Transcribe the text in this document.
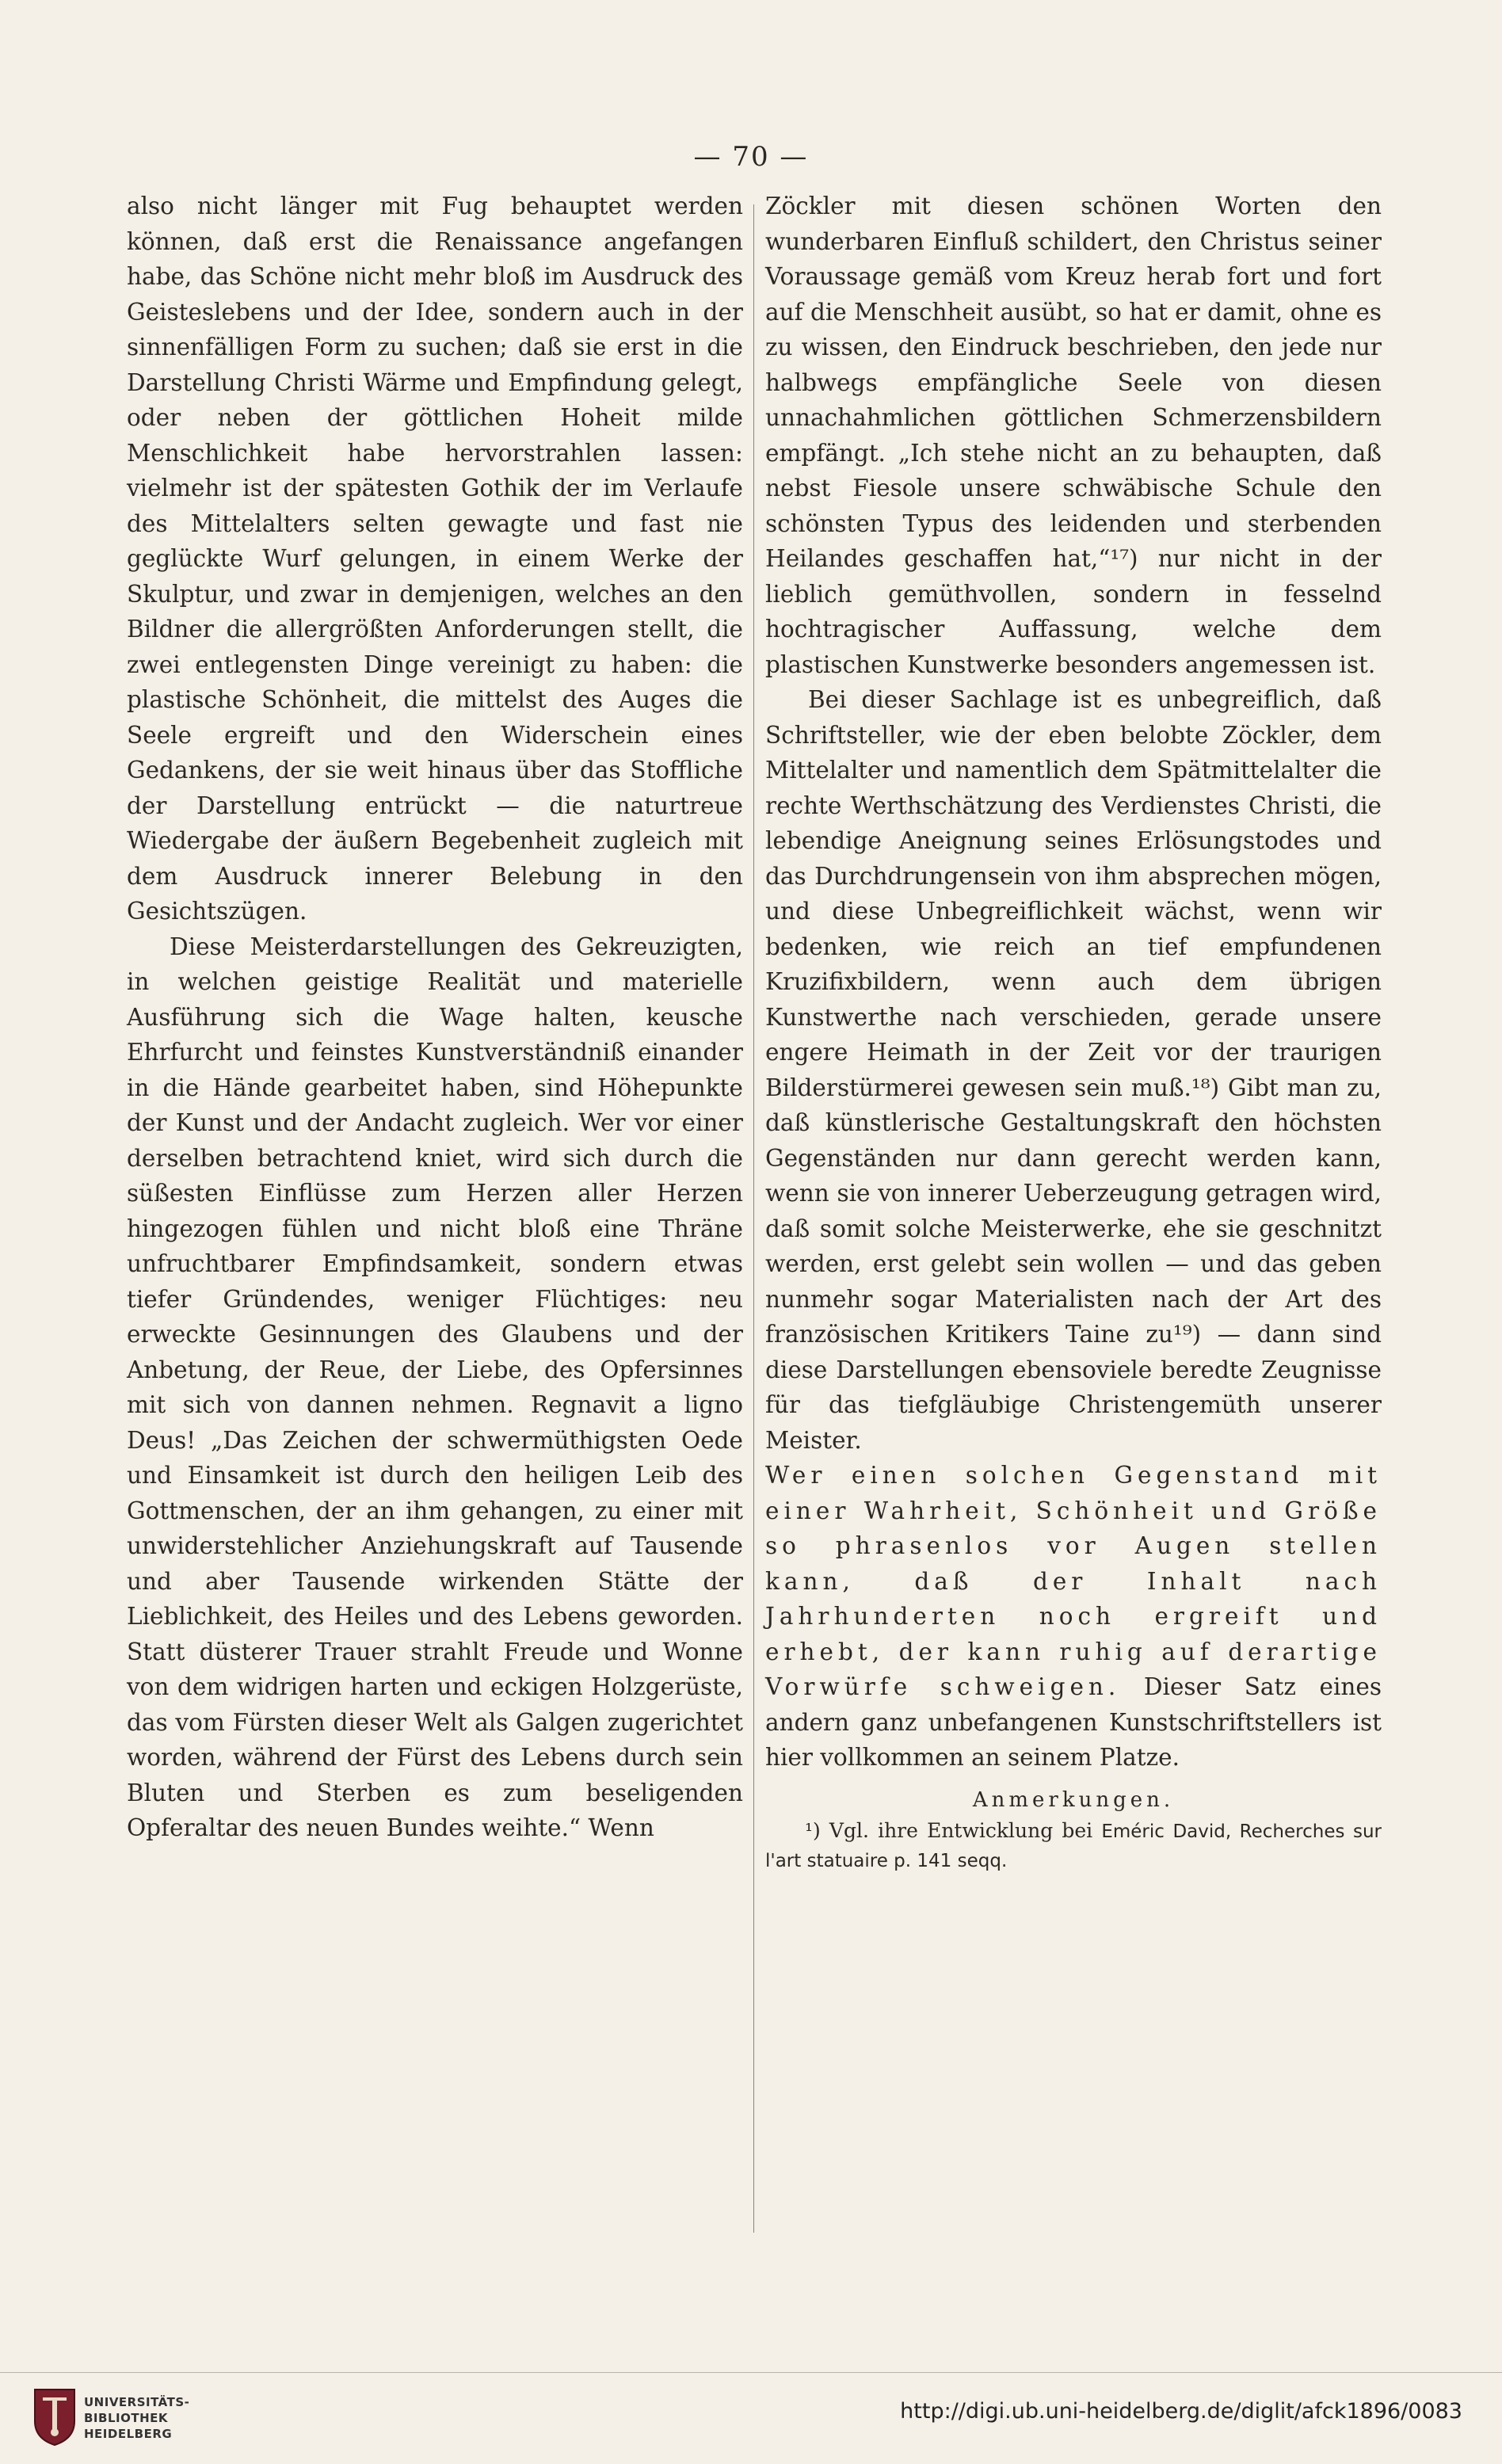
— 70 —

also nicht länger mit Fug behauptet werden können, daß erst die Renaissance angefangen habe, das Schöne nicht mehr bloß im Ausdruck des Geisteslebens und der Idee, sondern auch in der sinnenfälligen Form zu suchen; daß sie erst in die Darstellung Christi Wärme und Empfindung gelegt, oder neben der göttlichen Hoheit milde Menschlichkeit habe hervorstrahlen lassen: vielmehr ist der spätesten Gothik der im Verlaufe des Mittelalters selten gewagte und fast nie geglückte Wurf gelungen, in einem Werke der Skulptur, und zwar in demjenigen, welches an den Bildner die allergrößten Anforderungen stellt, die zwei entlegensten Dinge vereinigt zu haben: die plastische Schönheit, die mittelst des Auges die Seele ergreift und den Widerschein eines Gedankens, der sie weit hinaus über das Stoffliche der Darstellung entrückt — die naturtreue Wiedergabe der äußern Begebenheit zugleich mit dem Ausdruck innerer Belebung in den Gesichtszügen.

Diese Meisterdarstellungen des Gekreuzigten, in welchen geistige Realität und materielle Ausführung sich die Wage halten, keusche Ehrfurcht und feinstes Kunstverständniß einander in die Hände gearbeitet haben, sind Höhepunkte der Kunst und der Andacht zugleich. Wer vor einer derselben betrachtend kniet, wird sich durch die süßesten Einflüsse zum Herzen aller Herzen hingezogen fühlen und nicht bloß eine Thräne unfruchtbarer Empfindsamkeit, sondern etwas tiefer Gründendes, weniger Flüchtiges: neu erweckte Gesinnungen des Glaubens und der Anbetung, der Reue, der Liebe, des Opfersinnes mit sich von dannen nehmen. Regnavit a ligno Deus! „Das Zeichen der schwermüthigsten Oede und Einsamkeit ist durch den heiligen Leib des Gottmenschen, der an ihm gehangen, zu einer mit unwiderstehlicher Anziehungskraft auf Tausende und aber Tausende wirkenden Stätte der Lieblichkeit, des Heiles und des Lebens geworden. Statt düsterer Trauer strahlt Freude und Wonne von dem widrigen harten und eckigen Holzgerüste, das vom Fürsten dieser Welt als Galgen zugerichtet worden, während der Fürst des Lebens durch sein Bluten und Sterben es zum beseligenden Opferaltar des neuen Bundes weihte.“ Wenn

Zöckler mit diesen schönen Worten den wunderbaren Einfluß schildert, den Christus seiner Voraussage gemäß vom Kreuz herab fort und fort auf die Menschheit ausübt, so hat er damit, ohne es zu wissen, den Eindruck beschrieben, den jede nur halbwegs empfängliche Seele von diesen unnachahmlichen göttlichen Schmerzensbildern empfängt. „Ich stehe nicht an zu behaupten, daß nebst Fiesole unsere schwäbische Schule den schönsten Typus des leidenden und sterbenden Heilandes geschaffen hat,“¹⁷) nur nicht in der lieblich gemüthvollen, sondern in fesselnd hochtragischer Auffassung, welche dem plastischen Kunstwerke besonders angemessen ist.

Bei dieser Sachlage ist es unbegreiflich, daß Schriftsteller, wie der eben belobte Zöckler, dem Mittelalter und namentlich dem Spätmittelalter die rechte Werthschätzung des Verdienstes Christi, die lebendige Aneignung seines Erlösungstodes und das Durchdrungensein von ihm absprechen mögen, und diese Unbegreiflichkeit wächst, wenn wir bedenken, wie reich an tief empfundenen Kruzifixbildern, wenn auch dem übrigen Kunstwerthe nach verschieden, gerade unsere engere Heimath in der Zeit vor der traurigen Bilderstürmerei gewesen sein muß.¹⁸) Gibt man zu, daß künstlerische Gestaltungskraft den höchsten Gegenständen nur dann gerecht werden kann, wenn sie von innerer Ueberzeugung getragen wird, daß somit solche Meisterwerke, ehe sie geschnitzt werden, erst gelebt sein wollen — und das geben nunmehr sogar Materialisten nach der Art des französischen Kritikers Taine zu¹⁹) — dann sind diese Darstellungen ebensoviele beredte Zeugnisse für das tiefgläubige Christengemüth unserer Meister.

Wer einen solchen Gegenstand mit einer Wahrheit, Schönheit und Größe so phrasenlos vor Augen stellen kann, daß der Inhalt nach Jahrhunderten noch ergreift und erhebt, der kann ruhig auf derartige Vorwürfe schweigen. Dieser Satz eines andern ganz unbefangenen Kunstschriftstellers ist hier vollkommen an seinem Platze.

Anmerkungen.

¹) Vgl. ihre Entwicklung bei Eméric David, Recherches sur l'art statuaire p. 141 seqq.

UNIVERSITÄTS-
BIBLIOTHEK
HEIDELBERG
http://digi.ub.uni-heidelberg.de/diglit/afck1896/0083
